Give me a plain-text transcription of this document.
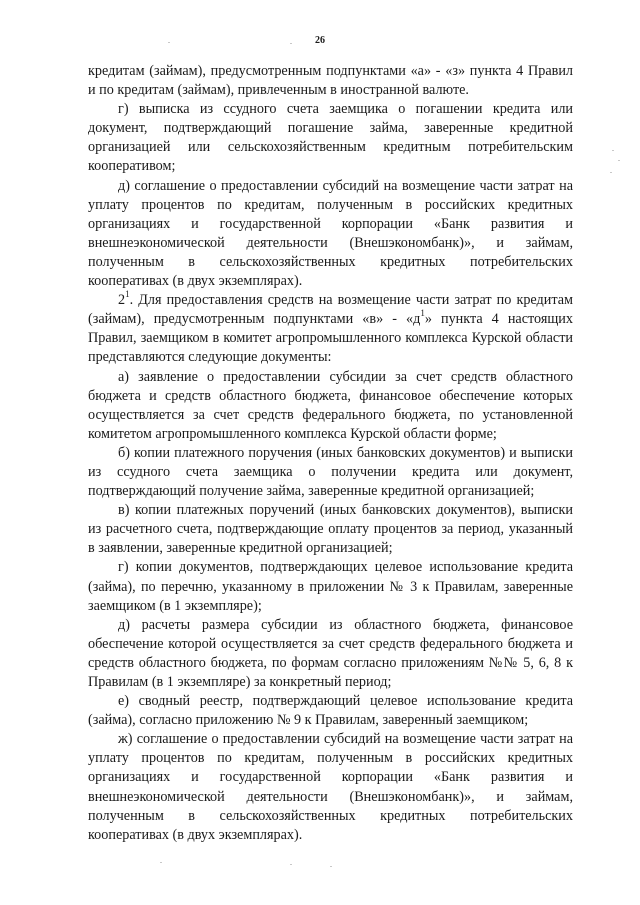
26

кредитам (займам), предусмотренным подпунктами «а» - «з» пункта 4 Правил и по кредитам (займам), привлеченным в иностранной валюте.

г) выписка из ссудного счета заемщика о погашении кредита или документ, подтверждающий погашение займа, заверенные кредитной организацией или сельскохозяйственным кредитным потребительским кооперативом;

д) соглашение о предоставлении субсидий на возмещение части затрат на уплату процентов по кредитам, полученным в российских кредитных организациях и государственной корпорации «Банк развития и внешнеэкономической деятельности (Внешэкономбанк)», и займам, полученным в сельскохозяйственных кредитных потребительских кооперативах (в двух экземплярах).

$2^1$. Для предоставления средств на возмещение части затрат по кредитам (займам), предусмотренным подпунктами «в» - «$д^1$» пункта 4 настоящих Правил, заемщиком в комитет агропромышленного комплекса Курской области представляются следующие документы:

а) заявление о предоставлении субсидии за счет средств областного бюджета и средств областного бюджета, финансовое обеспечение которых осуществляется за счет средств федерального бюджета, по установленной комитетом агропромышленного комплекса Курской области форме;

б) копии платежного поручения (иных банковских документов) и выписки из ссудного счета заемщика о получении кредита или документ, подтверждающий получение займа, заверенные кредитной организацией;

в) копии платежных поручений (иных банковских документов), выписки из расчетного счета, подтверждающие оплату процентов за период, указанный в заявлении, заверенные кредитной организацией;

г) копии документов, подтверждающих целевое использование кредита (займа), по перечню, указанному в приложении № 3 к Правилам, заверенные заемщиком (в 1 экземпляре);

д) расчеты размера субсидии из областного бюджета, финансовое обеспечение которой осуществляется за счет средств федерального бюджета и средств областного бюджета, по формам согласно приложениям №№ 5, 6, 8 к Правилам (в 1 экземпляре) за конкретный период;

е) сводный реестр, подтверждающий целевое использование кредита (займа), согласно приложению № 9 к Правилам, заверенный заемщиком;

ж) соглашение о предоставлении субсидий на возмещение части затрат на уплату процентов по кредитам, полученным в российских кредитных организациях и государственной корпорации «Банк развития и внешнеэкономической деятельности (Внешэкономбанк)», и займам, полученным в сельскохозяйственных кредитных потребительских кооперативах (в двух экземплярах).
